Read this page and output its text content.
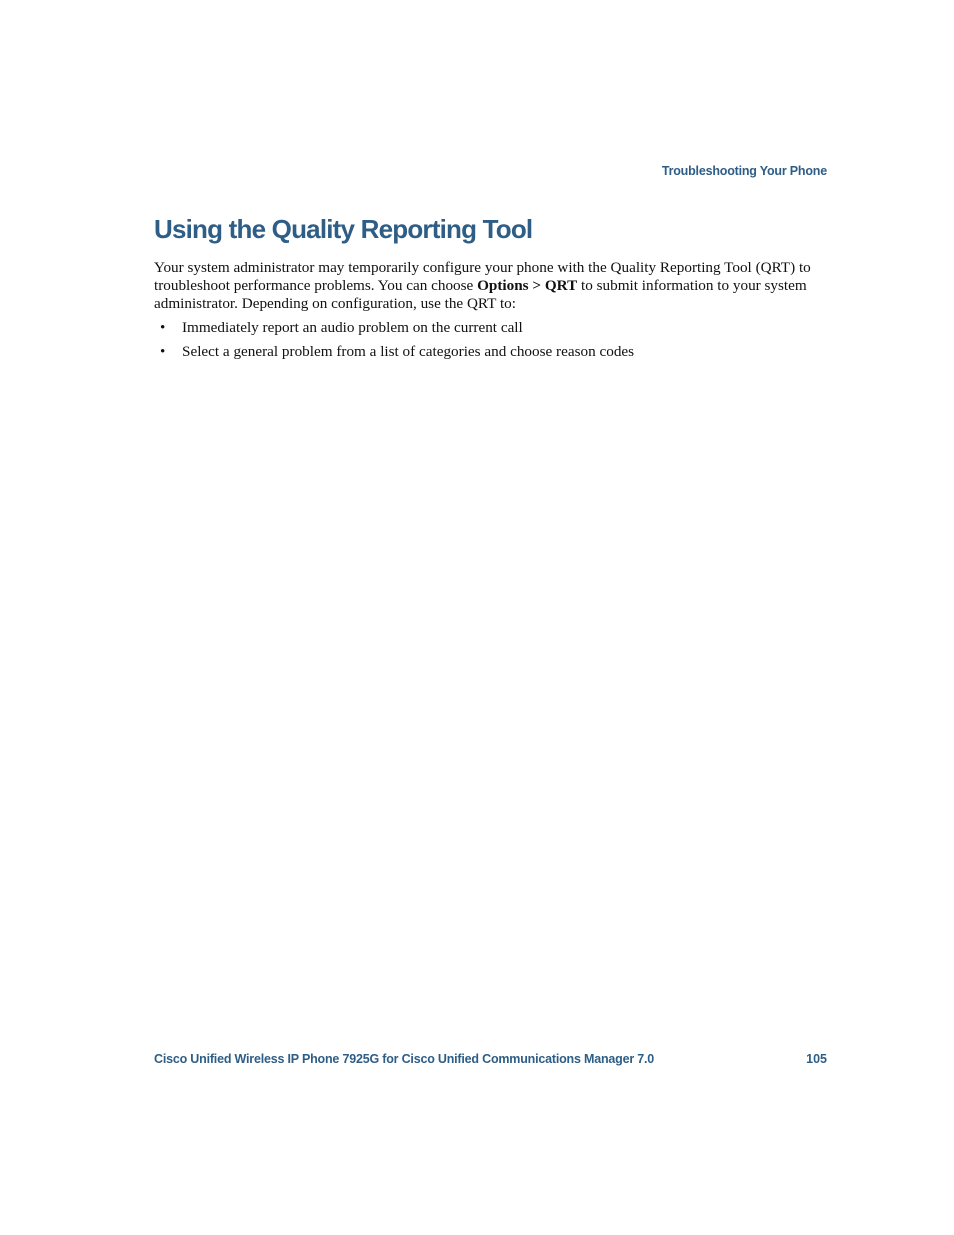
Troubleshooting Your Phone
Using the Quality Reporting Tool

Your system administrator may temporarily configure your phone with the Quality Reporting Tool (QRT) to troubleshoot performance problems. You can choose Options > QRT to submit information to your system administrator. Depending on configuration, use the QRT to:

• Immediately report an audio problem on the current call
• Select a general problem from a list of categories and choose reason codes
Cisco Unified Wireless IP Phone 7925G for Cisco Unified Communications Manager 7.0	105
